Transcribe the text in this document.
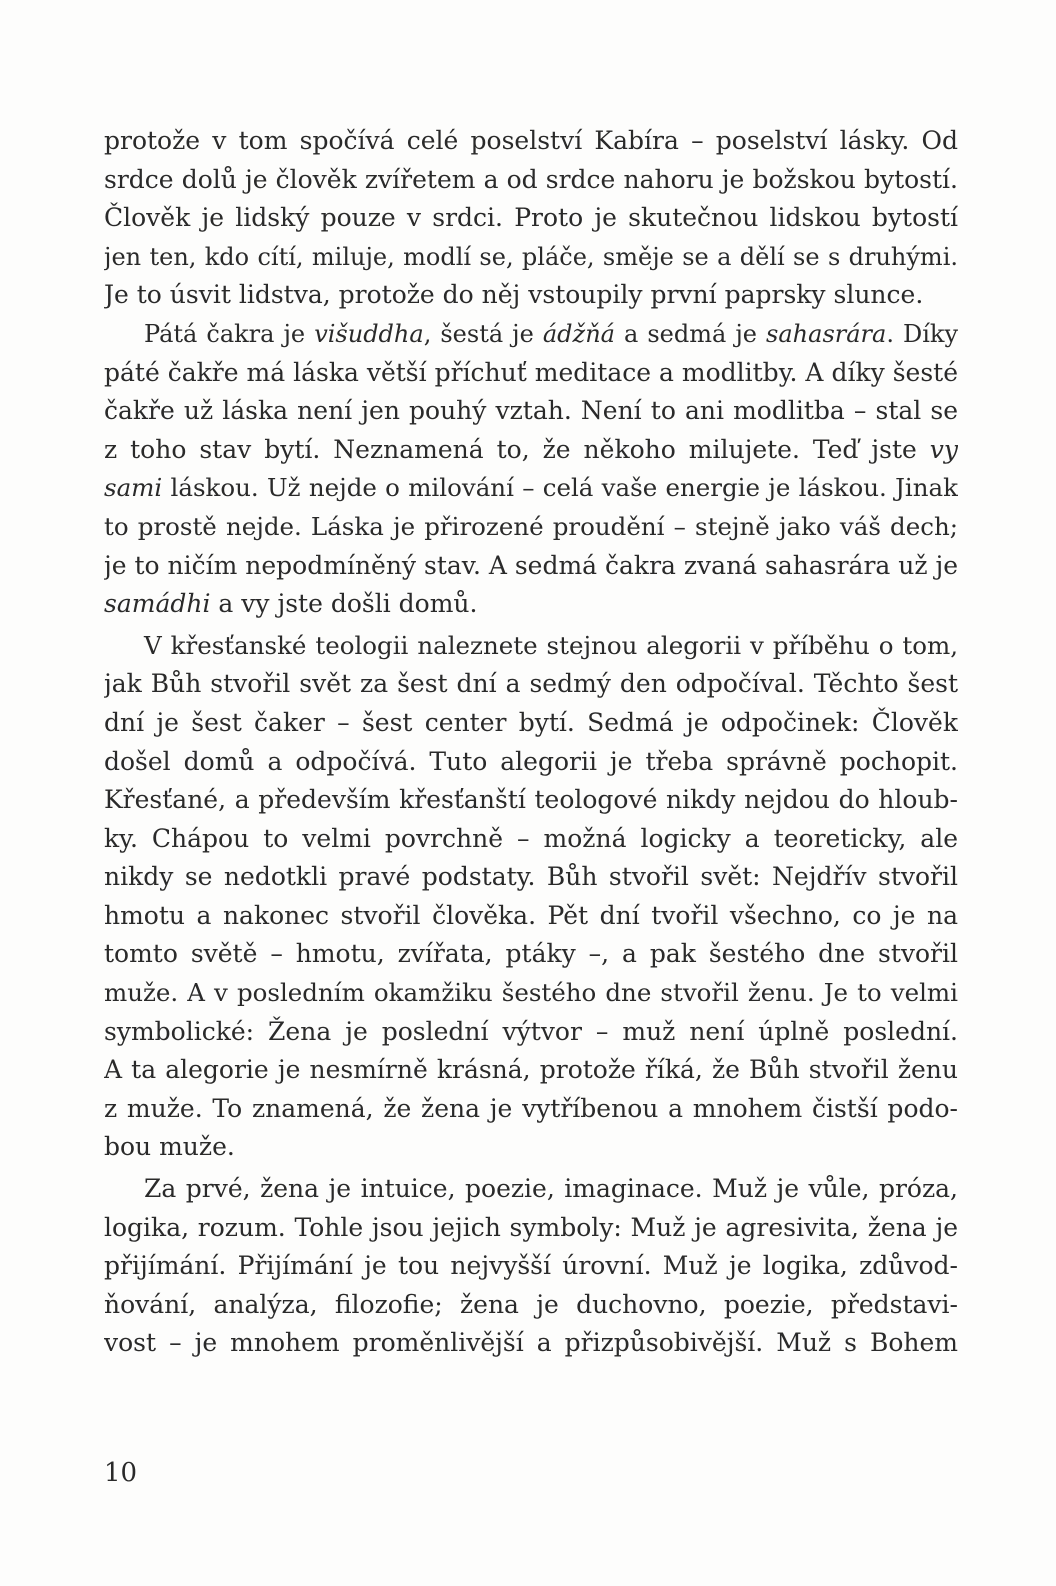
protože v tom spočívá celé poselství Kabíra – poselství lásky. Od
srdce dolů je člověk zvířetem a od srdce nahoru je božskou bytostí.
Člověk je lidský pouze v srdci. Proto je skutečnou lidskou bytostí
jen ten, kdo cítí, miluje, modlí se, pláče, směje se a dělí se s druhými.
Je to úsvit lidstva, protože do něj vstoupily první paprsky slunce.
Pátá čakra je višuddha, šestá je ádžňá a sedmá je sahasrára. Díky
páté čakře má láska větší příchuť meditace a modlitby. A díky šesté
čakře už láska není jen pouhý vztah. Není to ani modlitba – stal se
z toho stav bytí. Neznamená to, že někoho milujete. Teď jste vy
sami láskou. Už nejde o milování – celá vaše energie je láskou. Jinak
to prostě nejde. Láska je přirozené proudění – stejně jako váš dech;
je to ničím nepodmíněný stav. A sedmá čakra zvaná sahasrára už je
samádhi a vy jste došli domů.
V křesťanské teologii naleznete stejnou alegorii v příběhu o tom,
jak Bůh stvořil svět za šest dní a sedmý den odpočíval. Těchto šest
dní je šest čaker – šest center bytí. Sedmá je odpočinek: Člověk
došel domů a odpočívá. Tuto alegorii je třeba správně pochopit.
Křesťané, a především křesťanští teologové nikdy nejdou do hloub-
ky. Chápou to velmi povrchně – možná logicky a teoreticky, ale
nikdy se nedotkli pravé podstaty. Bůh stvořil svět: Nejdřív stvořil
hmotu a nakonec stvořil člověka. Pět dní tvořil všechno, co je na
tomto světě – hmotu, zvířata, ptáky –, a pak šestého dne stvořil
muže. A v posledním okamžiku šestého dne stvořil ženu. Je to velmi
symbolické: Žena je poslední výtvor – muž není úplně poslední.
A ta alegorie je nesmírně krásná, protože říká, že Bůh stvořil ženu
z muže. To znamená, že žena je vytříbenou a mnohem čistší podo-
bou muže.
Za prvé, žena je intuice, poezie, imaginace. Muž je vůle, próza,
logika, rozum. Tohle jsou jejich symboly: Muž je agresivita, žena je
přijímání. Přijímání je tou nejvyšší úrovní. Muž je logika, zdůvod-
ňování, analýza, filozofie; žena je duchovno, poezie, představi-
vost – je mnohem proměnlivější a přizpůsobivější. Muž s Bohem
10
